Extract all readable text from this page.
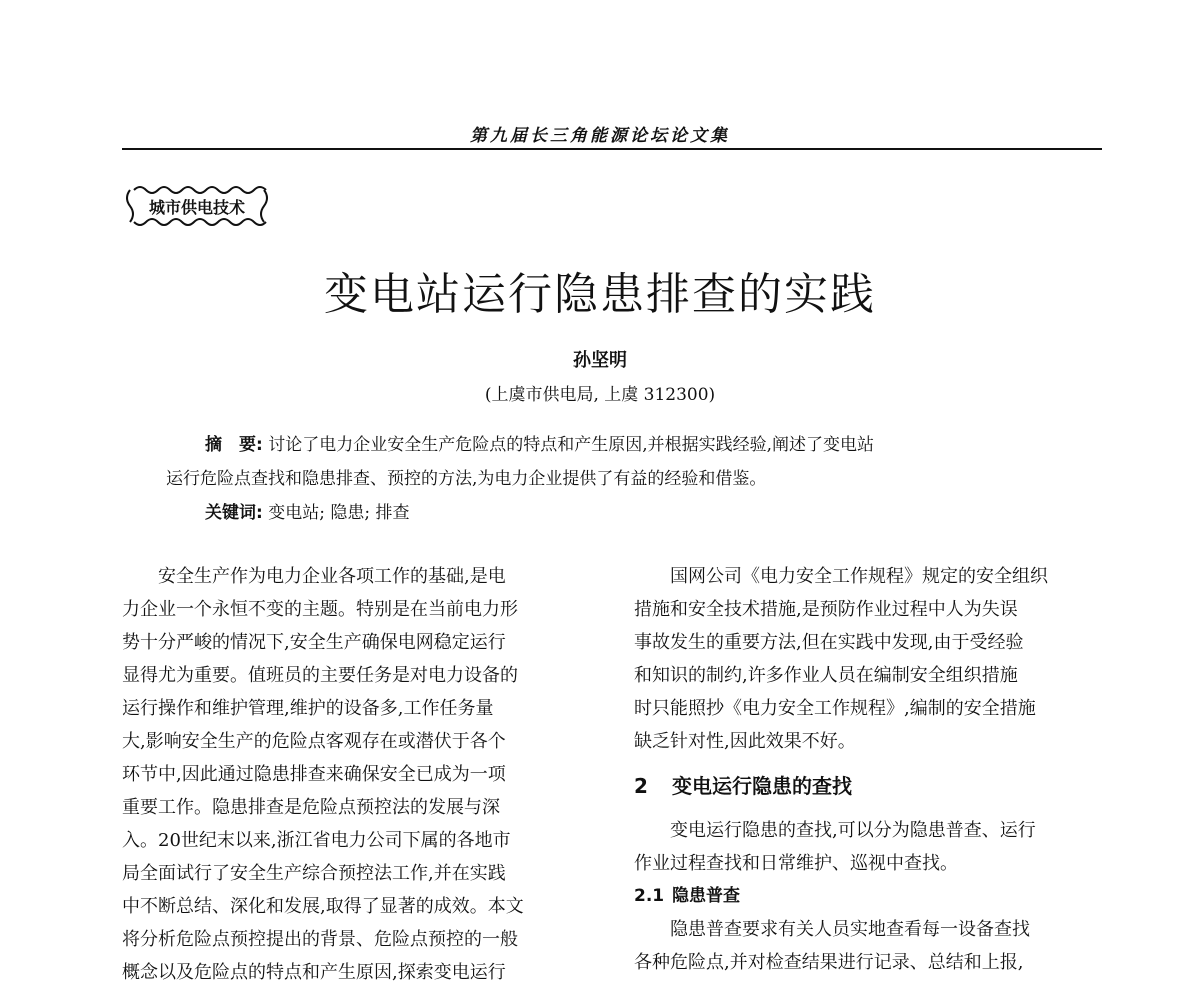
第九届长三角能源论坛论文集
城市供电技术
变电站运行隐患排查的实践
孙坚明
(上虞市供电局, 上虞 312300)
摘　要: 讨论了电力企业安全生产危险点的特点和产生原因,并根据实践经验,阐述了变电站
运行危险点查找和隐患排查、预控的方法,为电力企业提供了有益的经验和借鉴。
关键词: 变电站; 隐患; 排查
安全生产作为电力企业各项工作的基础,是电
力企业一个永恒不变的主题。特别是在当前电力形
势十分严峻的情况下,安全生产确保电网稳定运行
显得尤为重要。值班员的主要任务是对电力设备的
运行操作和维护管理,维护的设备多,工作任务量
大,影响安全生产的危险点客观存在或潜伏于各个
环节中,因此通过隐患排查来确保安全已成为一项
重要工作。隐患排查是危险点预控法的发展与深
入。20世纪末以来,浙江省电力公司下属的各地市
局全面试行了安全生产综合预控法工作,并在实践
中不断总结、深化和发展,取得了显著的成效。本文
将分析危险点预控提出的背景、危险点预控的一般
概念以及危险点的特点和产生原因,探索变电运行
国网公司《电力安全工作规程》规定的安全组织
措施和安全技术措施,是预防作业过程中人为失误
事故发生的重要方法,但在实践中发现,由于受经验
和知识的制约,许多作业人员在编制安全组织措施
时只能照抄《电力安全工作规程》,编制的安全措施
缺乏针对性,因此效果不好。
2 变电运行隐患的查找
变电运行隐患的查找,可以分为隐患普查、运行
作业过程查找和日常维护、巡视中查找。
2.1 隐患普查
隐患普查要求有关人员实地查看每一设备查找
各种危险点,并对检查结果进行记录、总结和上报,
